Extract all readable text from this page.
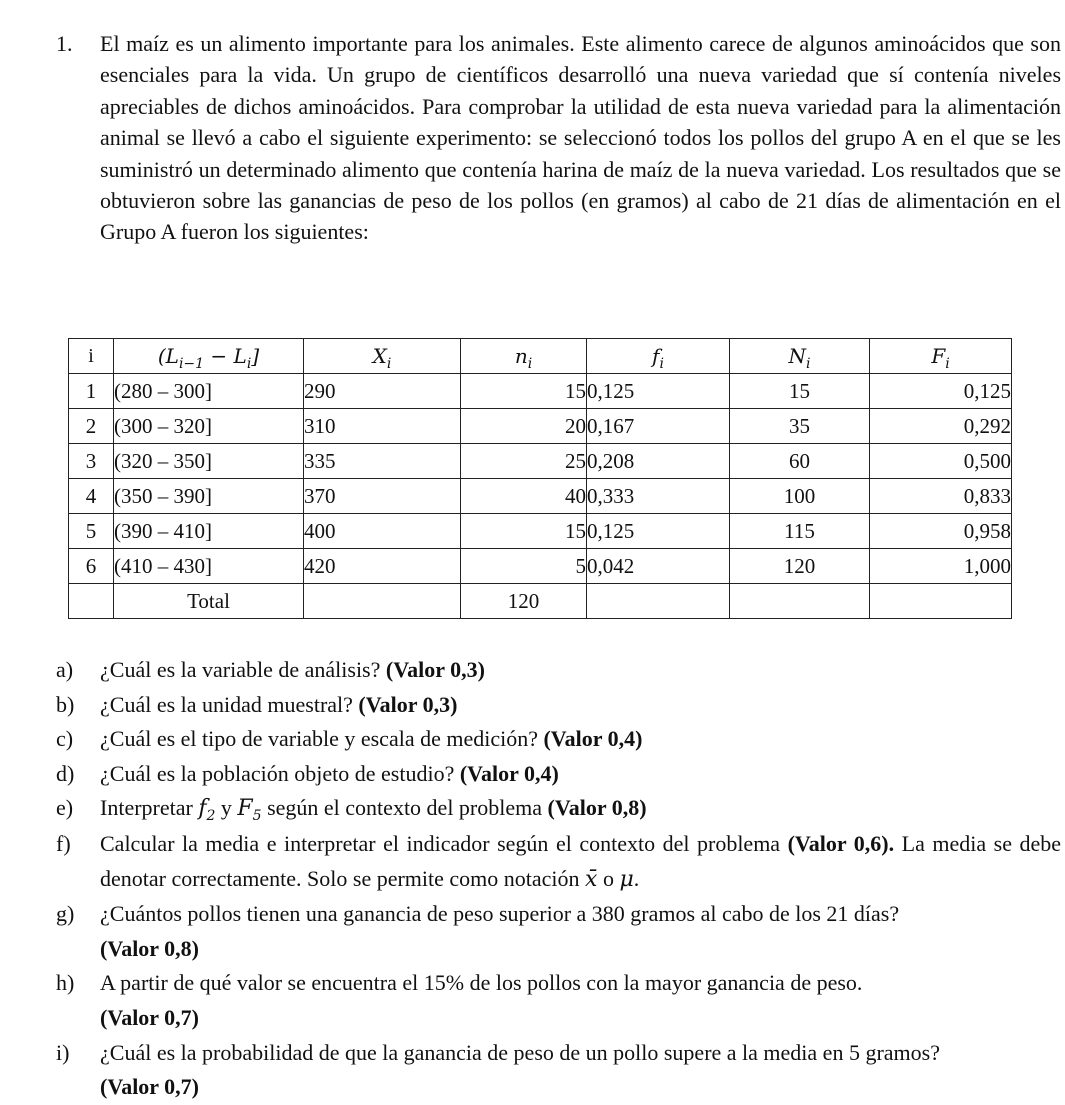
1.	El maíz es un alimento importante para los animales. Este alimento carece de algunos aminoácidos que son esenciales para la vida. Un grupo de científicos desarrolló una nueva variedad que sí contenía niveles apreciables de dichos aminoácidos. Para comprobar la utilidad de esta nueva variedad para la alimentación animal se llevó a cabo el siguiente experimento: se seleccionó todos los pollos del grupo A en el que se les suministró un determinado alimento que contenía harina de maíz de la nueva variedad. Los resultados que se obtuvieron sobre las ganancias de peso de los pollos (en gramos) al cabo de 21 días de alimentación en el Grupo A fueron los siguientes:
i	$(L_{i-1} - L_i]$	$X_i$	$n_i$	$f_i$	$N_i$	$F_i$
1	(280 – 300]	290	15	0,125	15	0,125
2	(300 – 320]	310	20	0,167	35	0,292
3	(320 – 350]	335	25	0,208	60	0,500
4	(350 – 390]	370	40	0,333	100	0,833
5	(390 – 410]	400	15	0,125	115	0,958
6	(410 – 430]	420	5	0,042	120	1,000
	Total		120			
a)	¿Cuál es la variable de análisis? (Valor 0,3)
b)	¿Cuál es la unidad muestral? (Valor 0,3)
c)	¿Cuál es el tipo de variable y escala de medición? (Valor 0,4)
d)	¿Cuál es la población objeto de estudio? (Valor 0,4)
e)	Interpretar $f_2$ y $F_5$ según el contexto del problema (Valor 0,8)
f)	Calcular la media e interpretar el indicador según el contexto del problema (Valor 0,6). La media se debe denotar correctamente. Solo se permite como notación x̄ o μ.
g)	¿Cuántos pollos tienen una ganancia de peso superior a 380 gramos al cabo de los 21 días?
(Valor 0,8)
h)	A partir de qué valor se encuentra el 15% de los pollos con la mayor ganancia de peso.
(Valor 0,7)
i)	¿Cuál es la probabilidad de que la ganancia de peso de un pollo supere a la media en 5 gramos?
(Valor 0,7)
